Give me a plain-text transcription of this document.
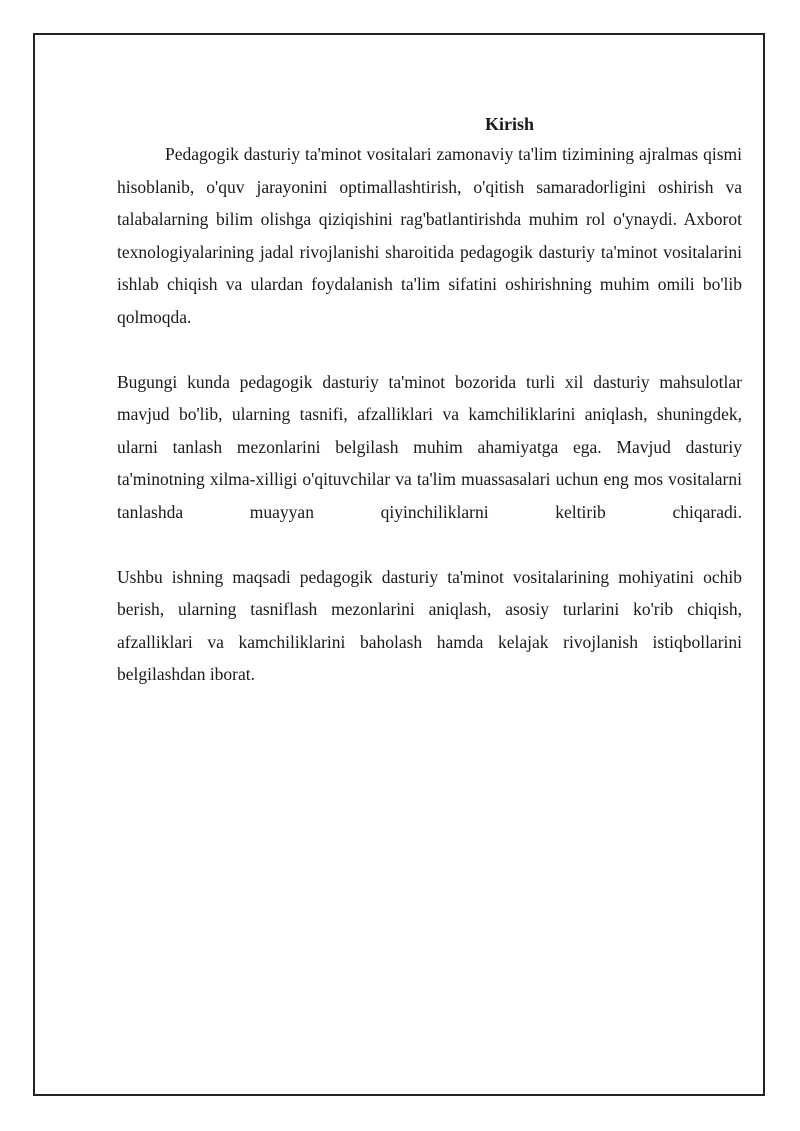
Kirish

Pedagogik dasturiy ta'minot vositalari zamonaviy ta'lim tizimining ajralmas qismi hisoblanib, o'quv jarayonini optimallashtirish, o'qitish samaradorligini oshirish va talabalarning bilim olishga qiziqishini rag'batlantirishda muhim rol o'ynaydi. Axborot texnologiyalarining jadal rivojlanishi sharoitida pedagogik dasturiy ta'minot vositalarini ishlab chiqish va ulardan foydalanish ta'lim sifatini oshirishning muhim omili bo'lib qolmoqda.

Bugungi kunda pedagogik dasturiy ta'minot bozorida turli xil dasturiy mahsulotlar mavjud bo'lib, ularning tasnifi, afzalliklari va kamchiliklarini aniqlash, shuningdek, ularni tanlash mezonlarini belgilash muhim ahamiyatga ega. Mavjud dasturiy ta'minotning xilma-xilligi o'qituvchilar va ta'lim muassasalari uchun eng mos vositalarni tanlashda muayyan qiyinchiliklarni keltirib chiqaradi.

Ushbu ishning maqsadi pedagogik dasturiy ta'minot vositalarining mohiyatini ochib berish, ularning tasniflash mezonlarini aniqlash, asosiy turlarini ko'rib chiqish, afzalliklari va kamchiliklarini baholash hamda kelajak rivojlanish istiqbollarini belgilashdan iborat.
